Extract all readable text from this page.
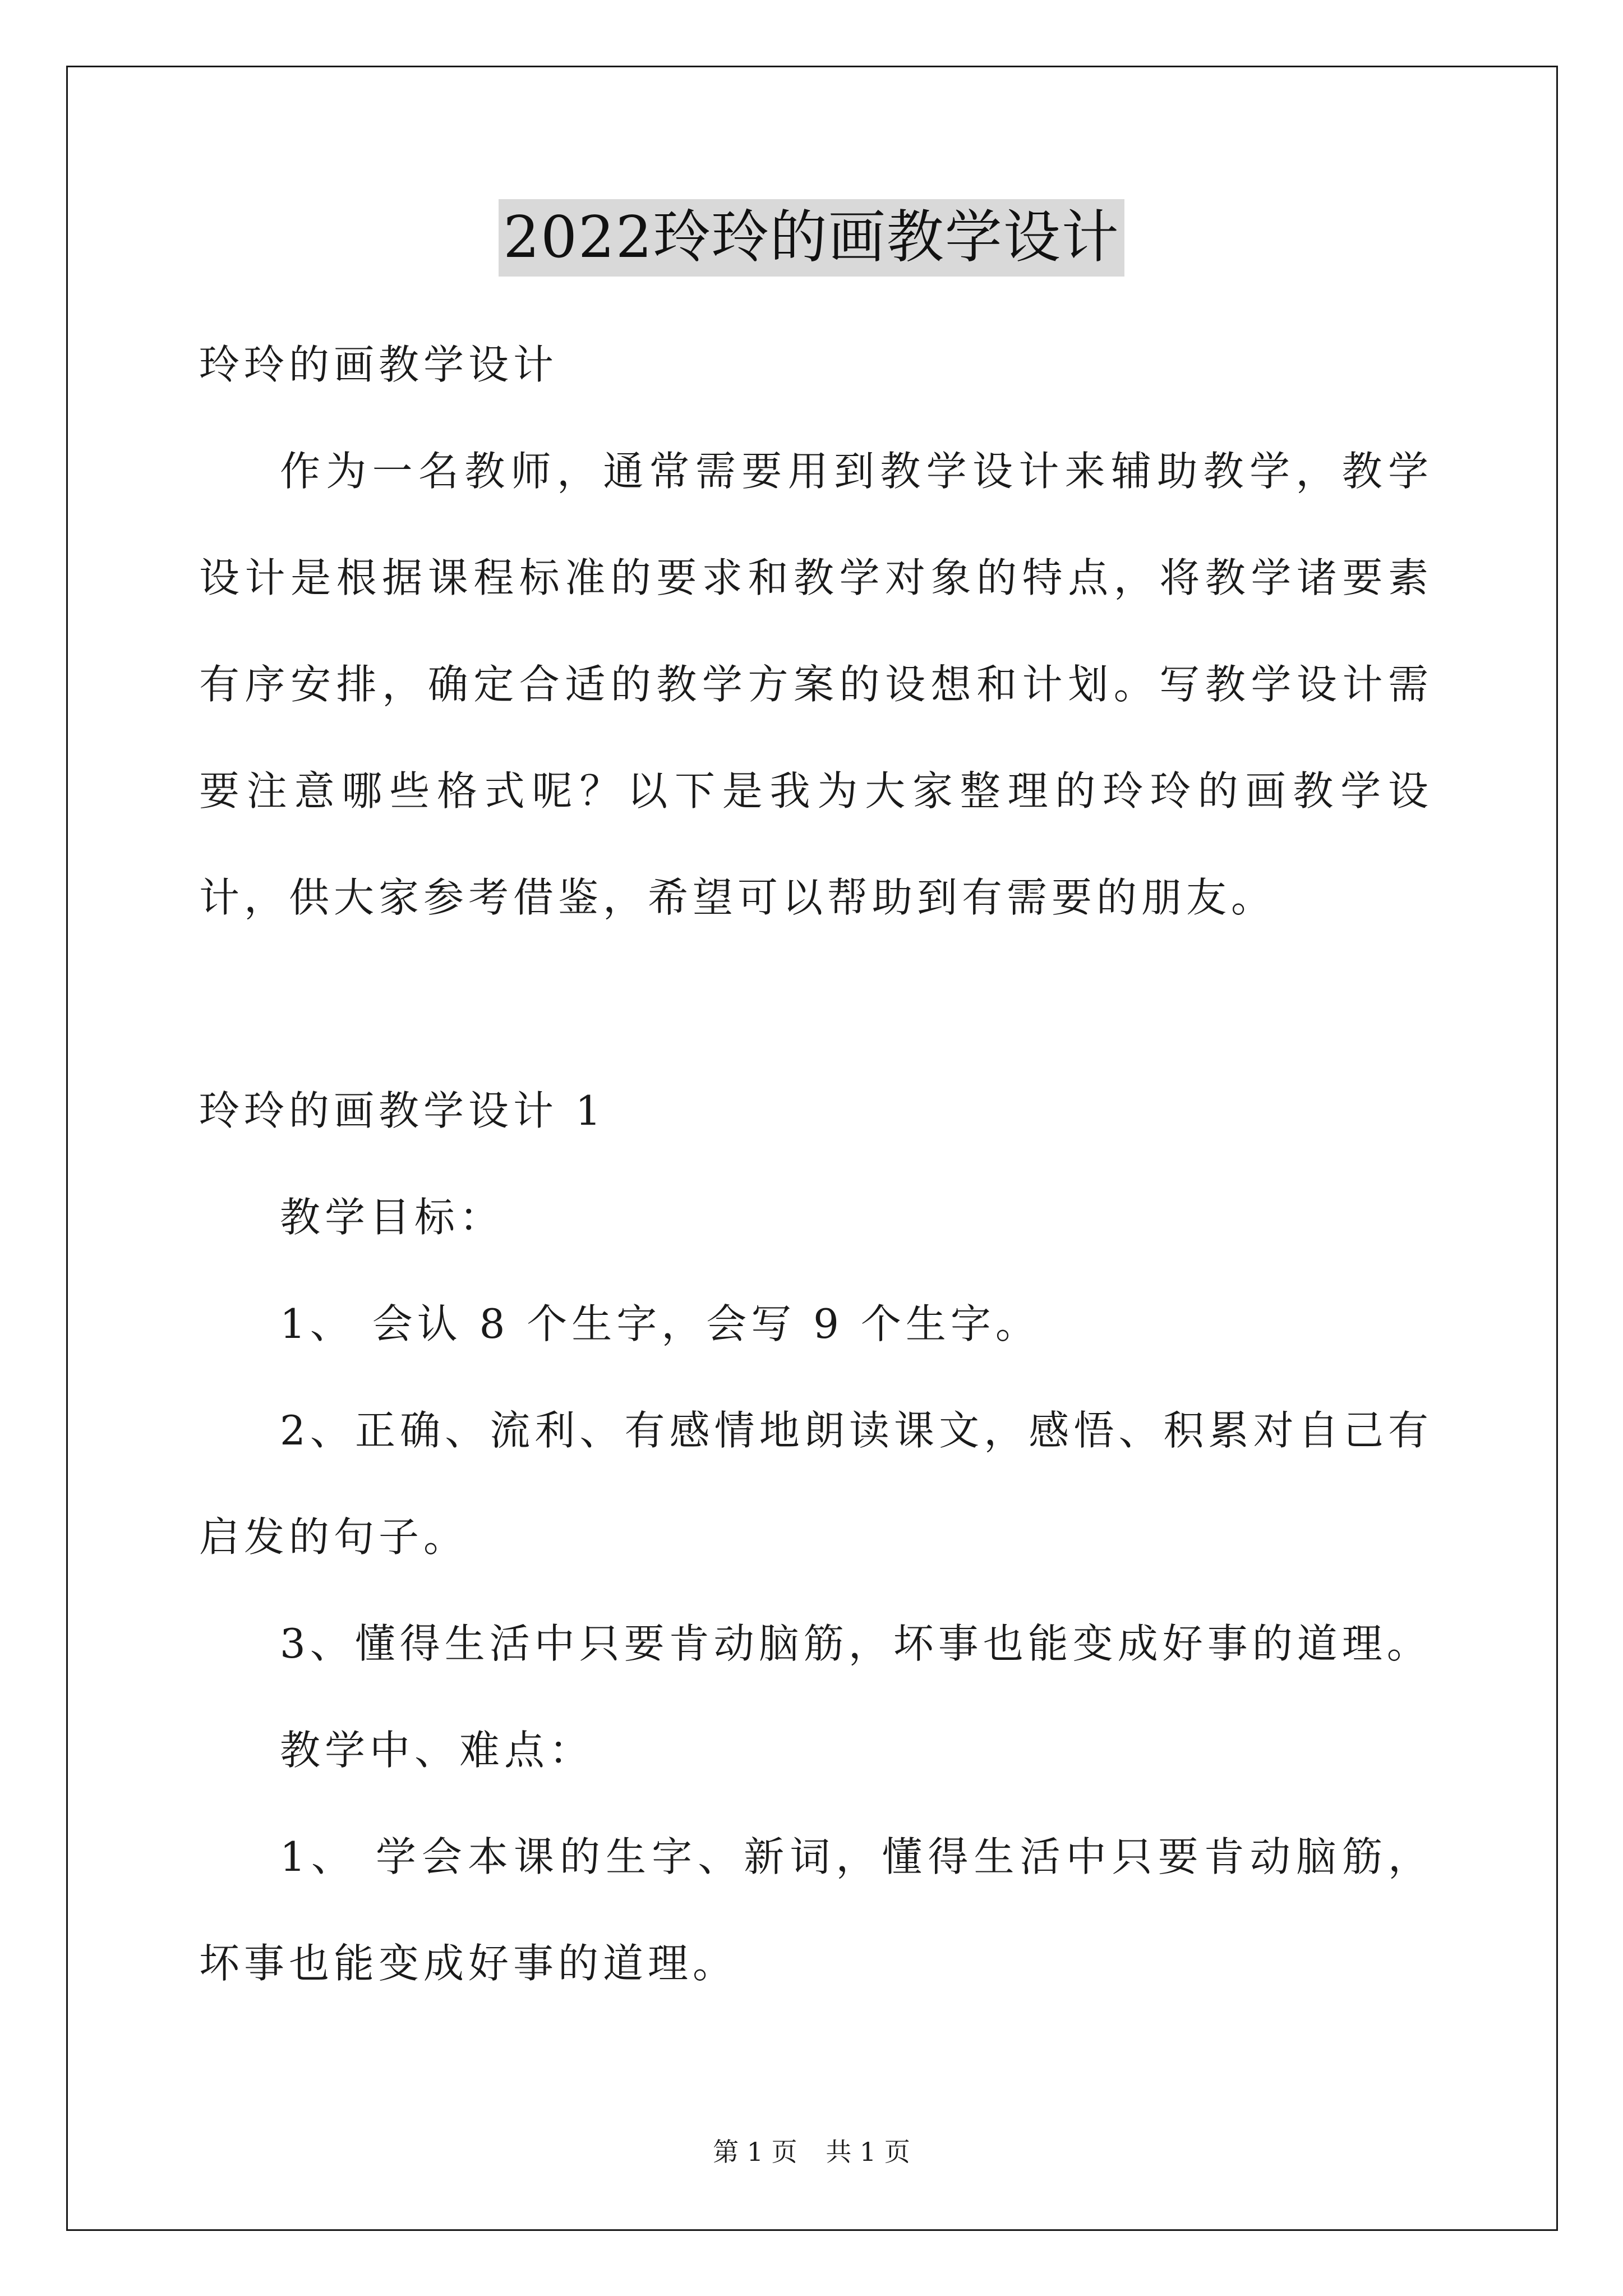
2022玲玲的画教学设计

玲玲的画教学设计

作为一名教师，通常需要用到教学设计来辅助教学，教学设计是根据课程标准的要求和教学对象的特点，将教学诸要素有序安排，确定合适的教学方案的设想和计划。写教学设计需要注意哪些格式呢？以下是我为大家整理的玲玲的画教学设计，供大家参考借鉴，希望可以帮助到有需要的朋友。

玲玲的画教学设计 1

教学目标：

1、 会认 8 个生字，会写 9 个生字。

2、正确、流利、有感情地朗读课文，感悟、积累对自己有启发的句子。

3、懂得生活中只要肯动脑筋，坏事也能变成好事的道理。

教学中、难点：

1、 学会本课的生字、新词，懂得生活中只要肯动脑筋，坏事也能变成好事的道理。

第 1 页 共 1 页
